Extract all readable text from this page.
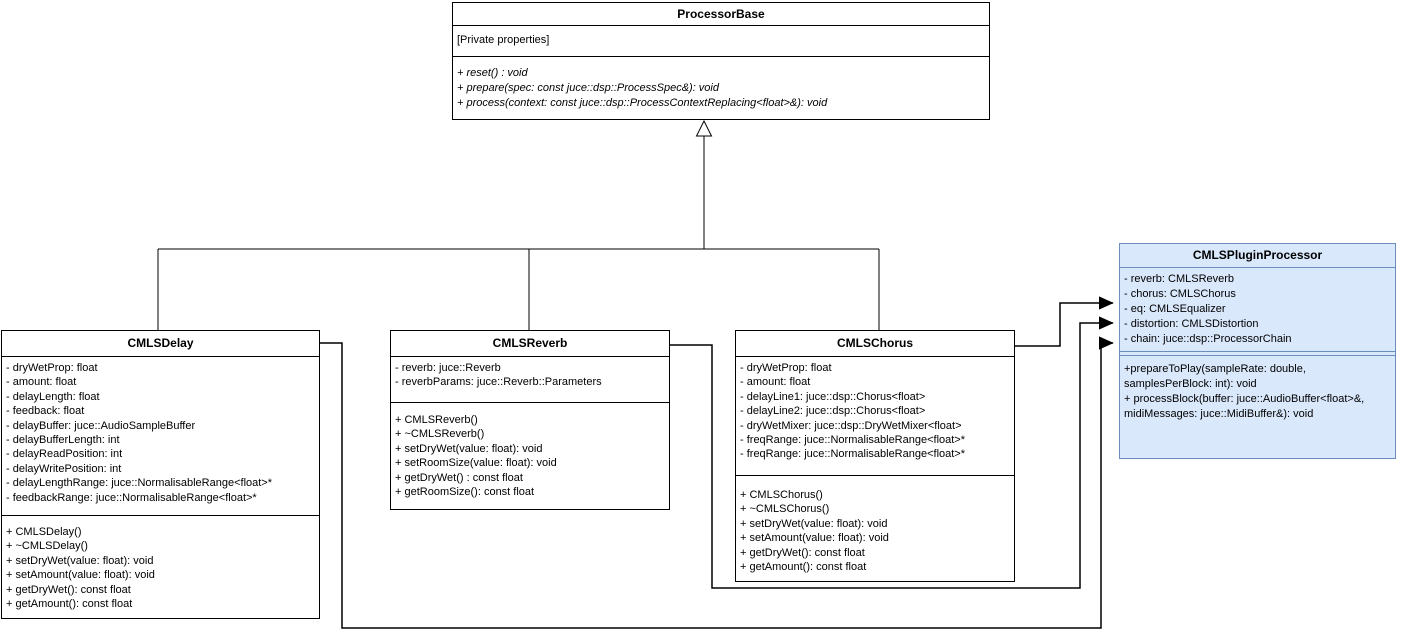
ProcessorBase
[Private properties]
+ reset() : void
+ prepare(spec: const juce::dsp::ProcessSpec&): void
+ process(context: const juce::dsp::ProcessContextReplacing<float>&): void
CMLSDelay
- dryWetProp: float
- amount: float
- delayLength: float
- feedback: float
- delayBuffer: juce::AudioSampleBuffer
- delayBufferLength: int
- delayReadPosition: int
- delayWritePosition: int
- delayLengthRange: juce::NormalisableRange<float>*
- feedbackRange: juce::NormalisableRange<float>*
+ CMLSDelay()
+ ~CMLSDelay()
+ setDryWet(value: float): void
+ setAmount(value: float): void
+ getDryWet(): const float
+ getAmount(): const float
CMLSReverb
- reverb: juce::Reverb
- reverbParams: juce::Reverb::Parameters
+ CMLSReverb()
+ ~CMLSReverb()
+ setDryWet(value: float): void
+ setRoomSize(value: float): void
+ getDryWet() : const float
+ getRoomSize(): const float
CMLSChorus
- dryWetProp: float
- amount: float
- delayLine1: juce::dsp::Chorus<float>
- delayLine2: juce::dsp::Chorus<float>
- dryWetMixer: juce::dsp::DryWetMixer<float>
- freqRange: juce::NormalisableRange<float>*
- freqRange: juce::NormalisableRange<float>*
+ CMLSChorus()
+ ~CMLSChorus()
+ setDryWet(value: float): void
+ setAmount(value: float): void
+ getDryWet(): const float
+ getAmount(): const float
CMLSPluginProcessor
- reverb: CMLSReverb
- chorus: CMLSChorus
- eq: CMLSEqualizer
- distortion: CMLSDistortion
- chain: juce::dsp::ProcessorChain
+prepareToPlay(sampleRate: double, samplesPerBlock: int): void
+ processBlock(buffer: juce::AudioBuffer<float>&, midiMessages: juce::MidiBuffer&): void
